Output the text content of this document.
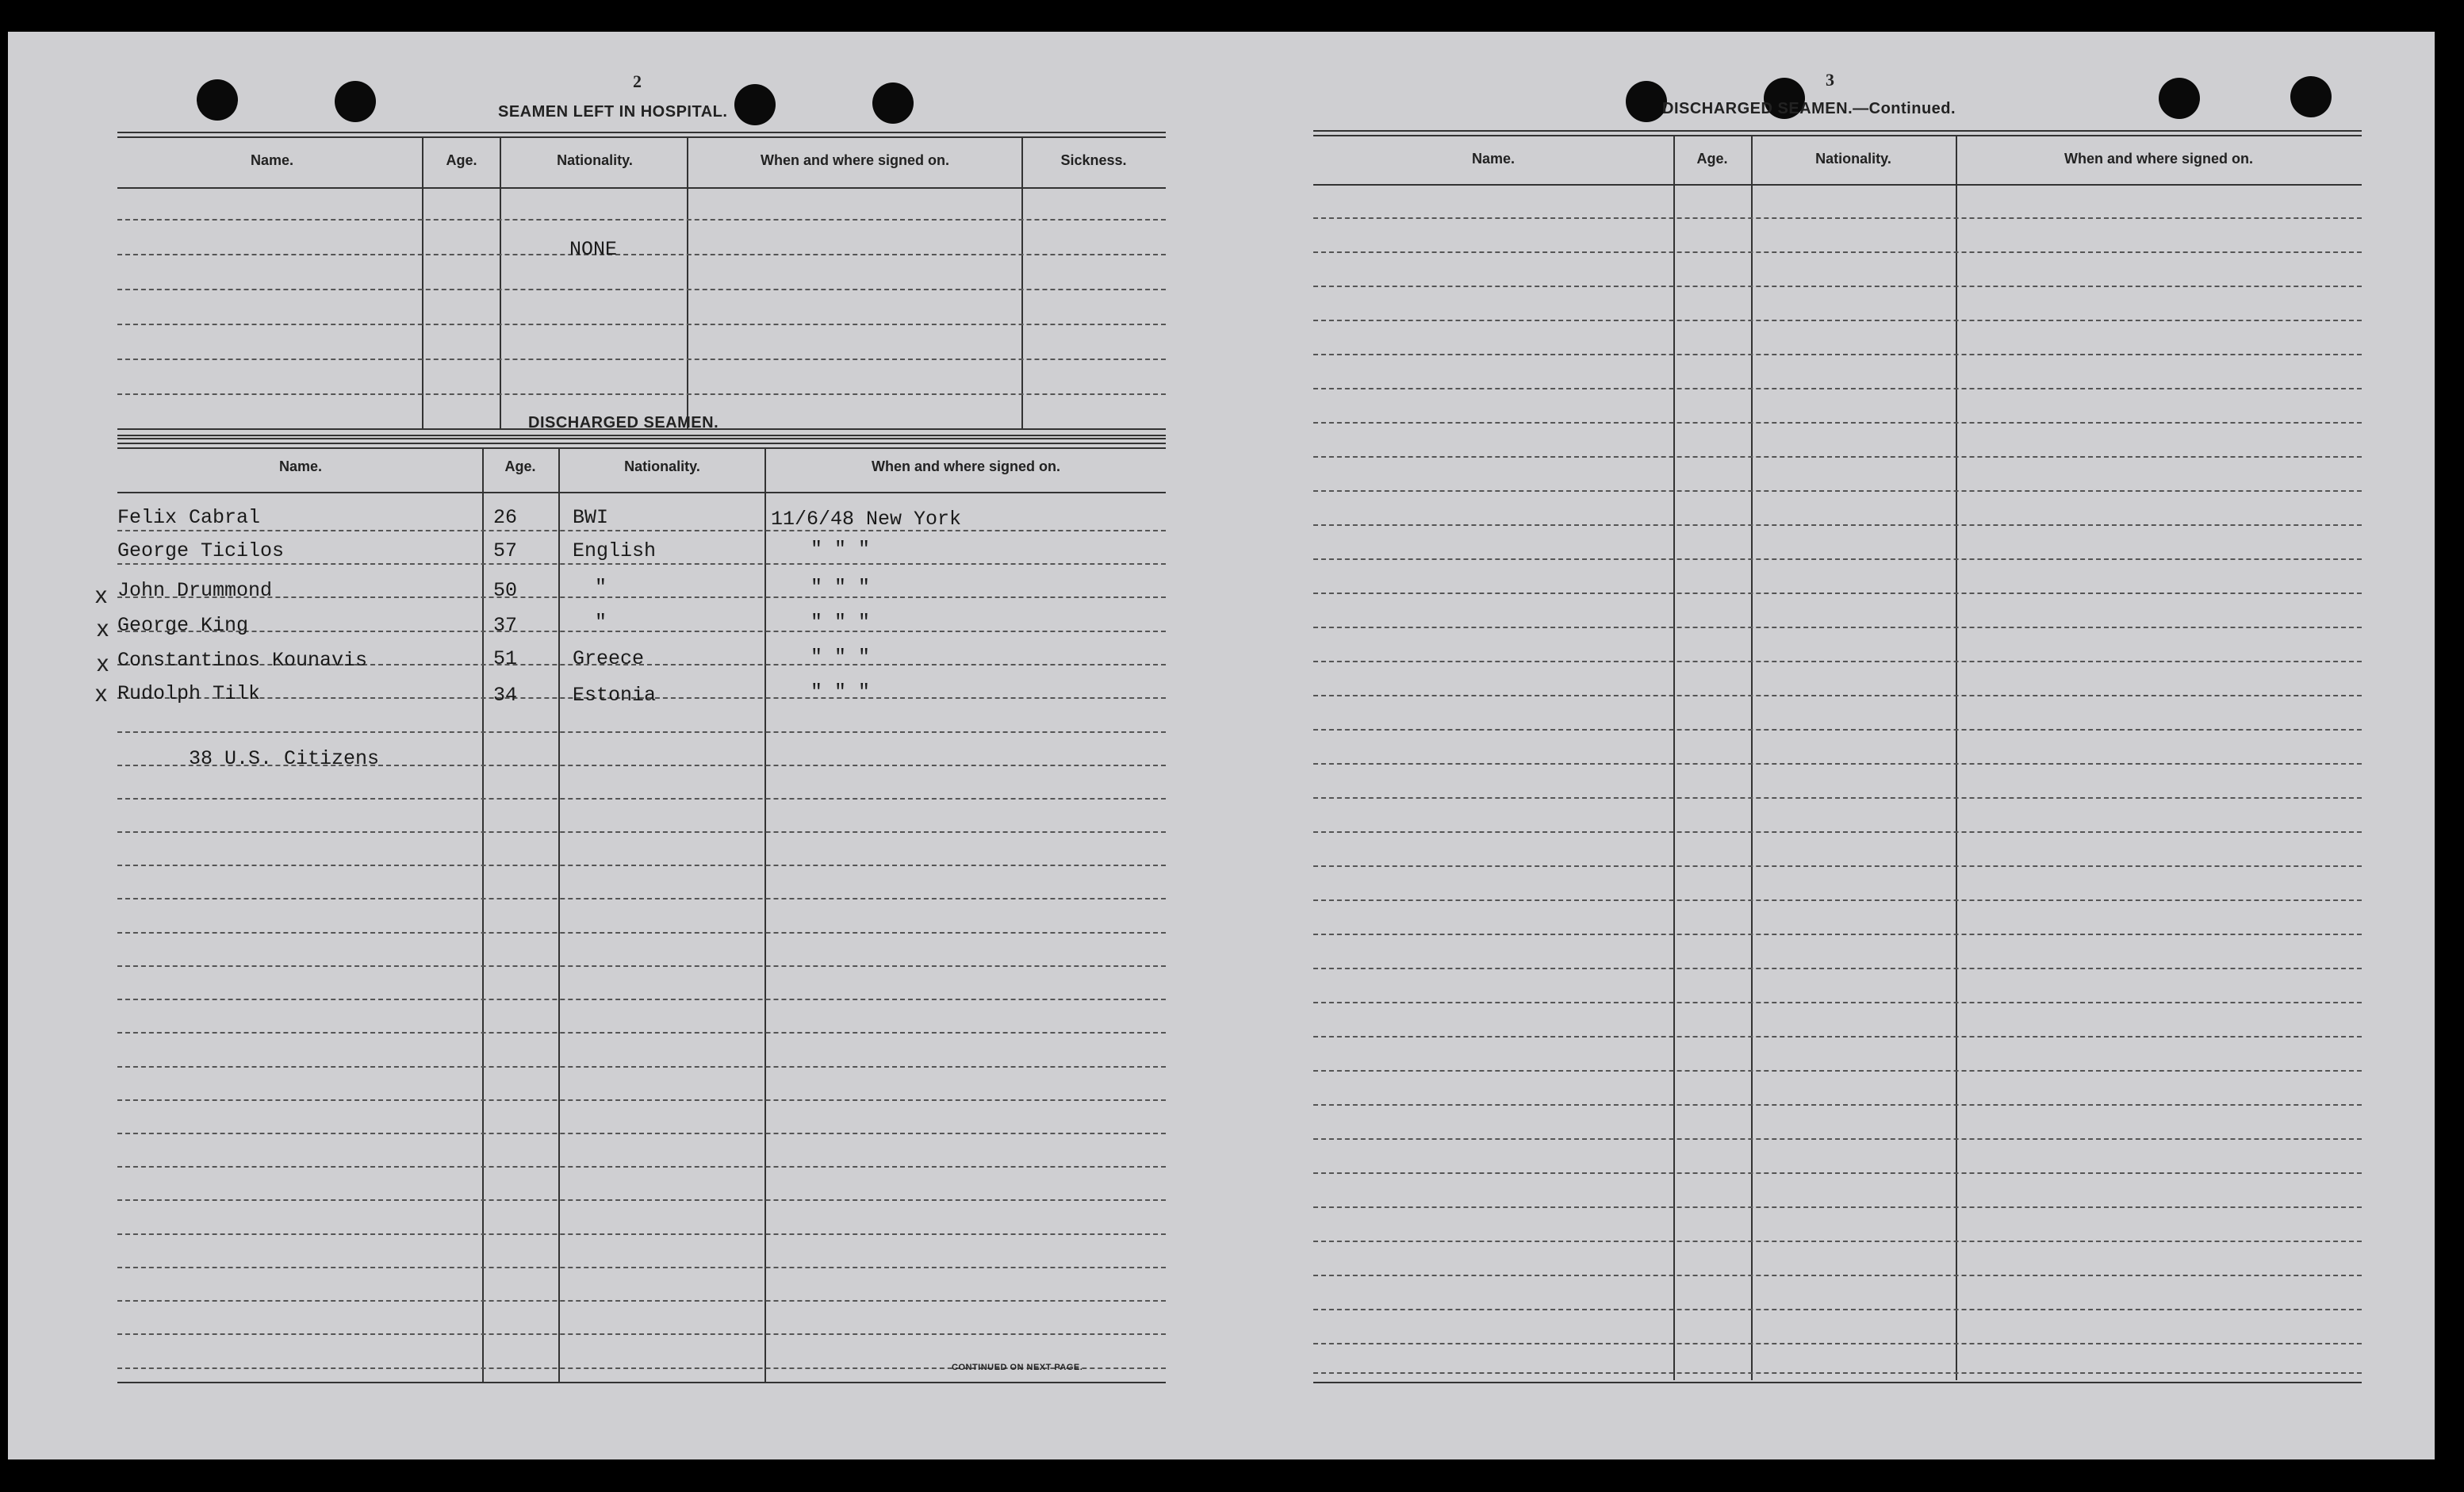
2
SEAMEN LEFT IN HOSPITAL.
Name.	Age.	Nationality.	When and where signed on.	Sickness.
NONE
DISCHARGED SEAMEN.
Name.	Age.	Nationality.	When and where signed on.
Felix Cabral	26	BWI	11/6/48 New York
George Ticilos	57	English	" " "
John Drummond	50	"	" " "
George King	37	"	" " "
Constantinos Kounavis	51	Greece	" " "
Rudolph Tilk	34	Estonia	" " "
38 U.S. Citizens
x
x
x
x
CONTINUED ON NEXT PAGE.
3
DISCHARGED SEAMEN.—Continued.
Name.	Age.	Nationality.	When and where signed on.
